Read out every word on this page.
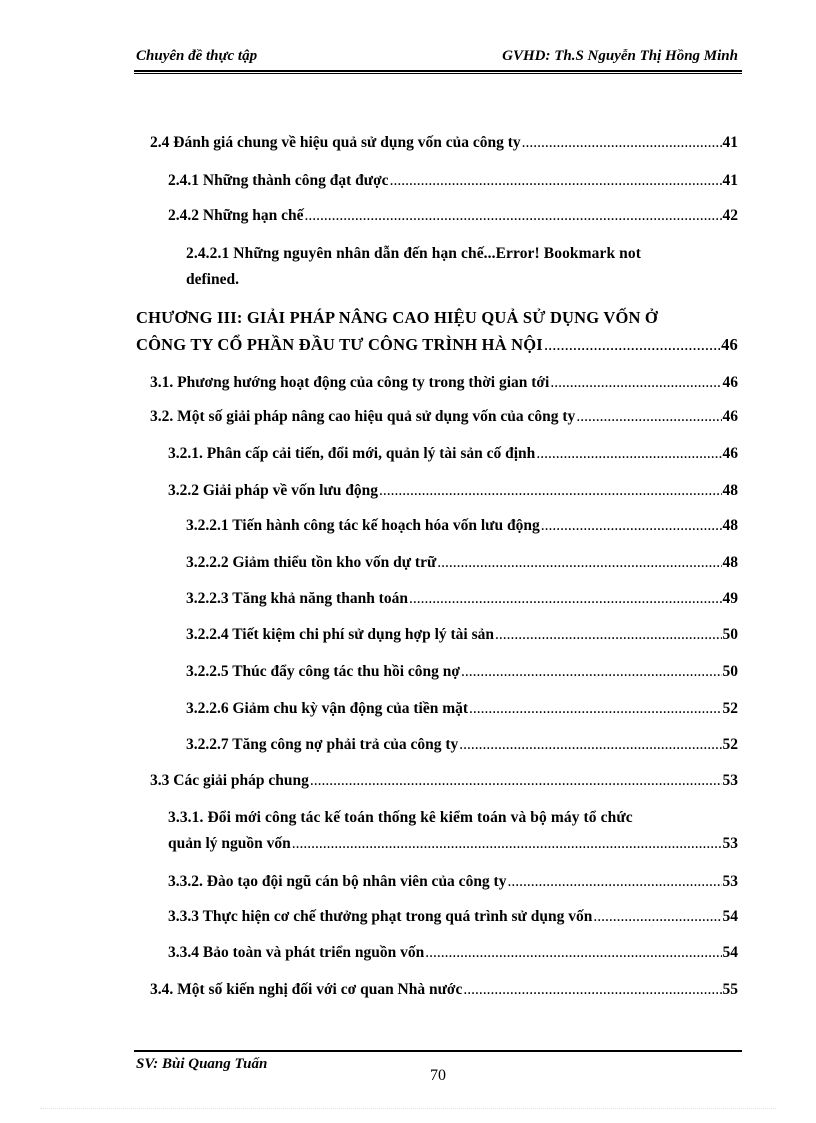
Chuyên đề thực tập	GVHD: Th.S Nguyễn Thị Hồng Minh
2.4 Đánh giá chung về hiệu quả sử dụng vốn của công ty .....	41
2.4.1 Những thành công đạt được .....	41
2.4.2 Những hạn chế .....	42
2.4.2.1 Những nguyên nhân dẫn đến hạn chế...Error! Bookmark not
defined.
CHƯƠNG III: GIẢI PHÁP NÂNG CAO HIỆU QUẢ SỬ DỤNG VỐN Ở
CÔNG TY CỔ PHẦN ĐẦU TƯ CÔNG TRÌNH HÀ NỘI .....	46
3.1. Phương hướng hoạt động của công ty trong thời gian tới .....	46
3.2. Một số giải pháp nâng cao hiệu quả sử dụng vốn của công ty .....	46
3.2.1. Phân cấp cải tiến, đổi mới, quản lý tài sản cố định .....	46
3.2.2 Giải pháp về vốn lưu động .....	48
3.2.2.1 Tiến hành công tác kế hoạch hóa vốn lưu động .....	48
3.2.2.2 Giảm thiểu tồn kho vốn dự trữ .....	48
3.2.2.3 Tăng khả năng thanh toán .....	49
3.2.2.4 Tiết kiệm chi phí sử dụng hợp lý tài sản .....	50
3.2.2.5 Thúc đẩy công tác thu hồi công nợ .....	50
3.2.2.6 Giảm chu kỳ vận động của tiền mặt .....	52
3.2.2.7 Tăng công nợ phải trả của công ty .....	52
3.3 Các giải pháp chung .....	53
3.3.1. Đổi mới công tác kế toán thống kê kiểm toán và bộ máy tổ chức
quản lý nguồn vốn .....	53
3.3.2. Đào tạo đội ngũ cán bộ nhân viên của công ty .....	53
3.3.3 Thực hiện cơ chế thưởng phạt trong quá trình sử dụng vốn .....	54
3.3.4 Bảo toàn và phát triển nguồn vốn .....	54
3.4. Một số kiến nghị đối với cơ quan Nhà nước .....	55
SV: Bùi Quang Tuấn
70
